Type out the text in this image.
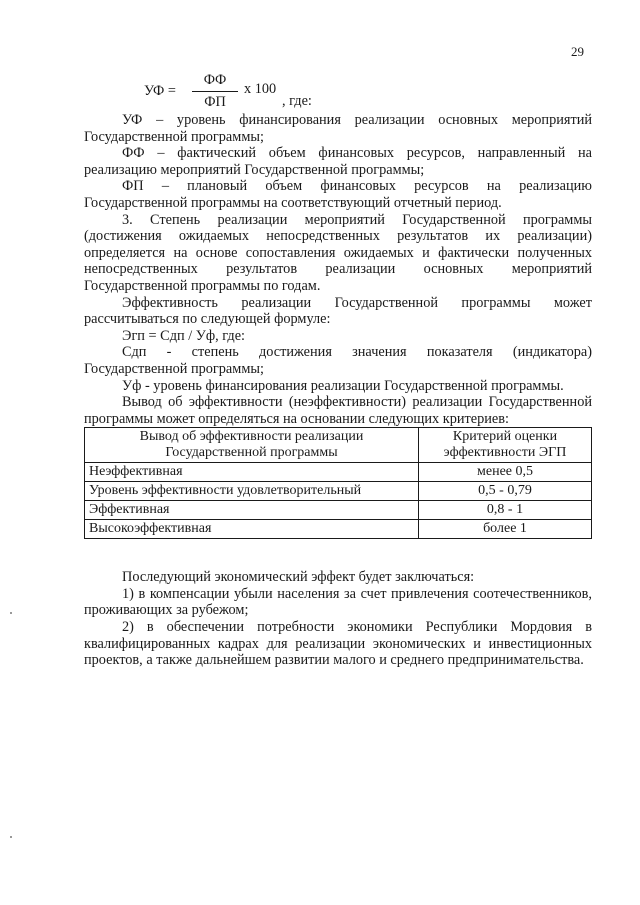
29
УФ =
ФФ
ФП
x 100
, где:

УФ – уровень финансирования реализации основных мероприятий Государственной программы;

ФФ – фактический объем финансовых ресурсов, направленный на реализацию мероприятий Государственной программы;

ФП – плановый объем финансовых ресурсов на реализацию Государственной программы на соответствующий отчетный период.

3. Степень реализации мероприятий Государственной программы (достижения ожидаемых непосредственных результатов их реализации) определяется на основе сопоставления ожидаемых и фактически полученных непосредственных результатов реализации основных мероприятий Государственной программы по годам.

Эффективность реализации Государственной программы может рассчитываться по следующей формуле:

Эгп = Сдп / Уф, где:

Сдп - степень достижения значения показателя (индикатора) Государственной программы;

Уф - уровень финансирования реализации Государственной программы.

Вывод об эффективности (неэффективности) реализации Государственной программы может определяться на основании следующих критериев:

Вывод об эффективности реализации Государственной программы	Критерий оценки эффективности ЭГП
Неэффективная	менее 0,5
Уровень эффективности удовлетворительный	0,5 - 0,79
Эффективная	0,8 - 1
Высокоэффективная	более 1

Последующий экономический эффект будет заключаться:

1) в компенсации убыли населения за счет привлечения соотечественников, проживающих за рубежом;

2) в обеспечении потребности экономики Республики Мордовия в квалифицированных кадрах для реализации экономических и инвестиционных проектов, а также дальнейшем развитии малого и среднего предпринимательства.
